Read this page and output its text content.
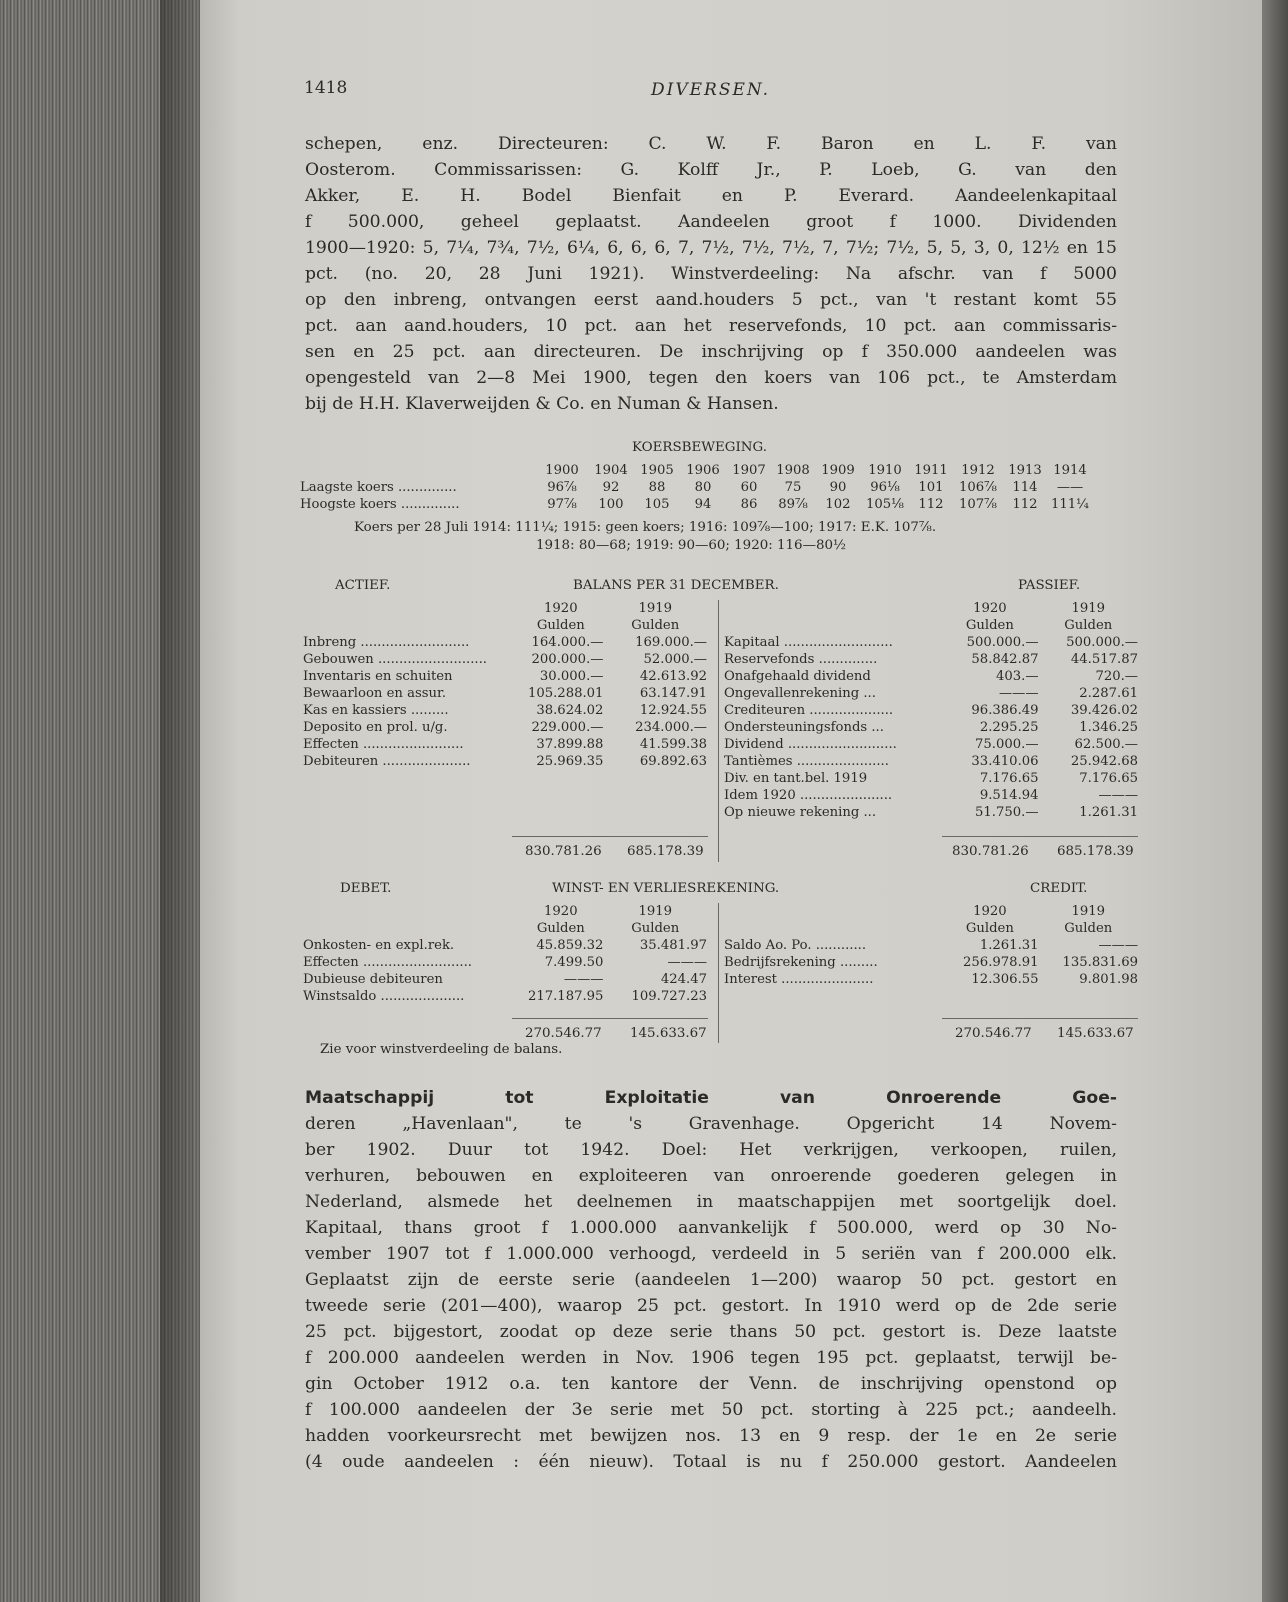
1418	DIVERSEN.
schepen, enz. Directeuren: C. W. F. Baron en L. F. van
Oosterom. Commissarissen: G. Kolff Jr., P. Loeb, G. van den
Akker, E. H. Bodel Bienfait en P. Everard. Aandeelenkapitaal
f 500.000, geheel geplaatst. Aandeelen groot f 1000. Dividenden
1900—1920: 5, 7¼, 7¾, 7½, 6¼, 6, 6, 6, 7, 7½, 7½, 7½, 7, 7½; 7½, 5, 5, 3, 0, 12½ en 15
pct. (no. 20, 28 Juni 1921). Winstverdeeling: Na afschr. van f 5000
op den inbreng, ontvangen eerst aand.houders 5 pct., van 't restant komt 55
pct. aan aand.houders, 10 pct. aan het reservefonds, 10 pct. aan commissaris-
sen en 25 pct. aan directeuren. De inschrijving op f 350.000 aandeelen was
opengesteld van 2—8 Mei 1900, tegen den koers van 106 pct., te Amsterdam
bij de H.H. Klaverweijden & Co. en Numan & Hansen.
KOERSBEWEGING.
	1900	1904	1905	1906	1907	1908	1909	1910	1911	1912	1913	1914
Laagste koers ..............	96⅞	92	88	80	60	75	90	96⅛	101	106⅞	114	——
Hoogste koers ..............	97⅞	100	105	94	86	89⅞	102	105⅛	112	107⅞	112	111¼
Koers per 28 Juli 1914: 111¼; 1915: geen koers; 1916: 109⅞—100; 1917: E.K. 107⅞.
1918: 80—68; 1919: 90—60; 1920: 116—80½
ACTIEF.	BALANS PER 31 DECEMBER.	PASSIEF.
	1920	1919
	Gulden	Gulden
Inbreng ..........................	164.000.—	169.000.—
Gebouwen ..........................	200.000.—	52.000.—
Inventaris en schuiten	30.000.—	42.613.92
Bewaarloon en assur.	105.288.01	63.147.91
Kas en kassiers .........	38.624.02	12.924.55
Deposito en prol. u/g.	229.000.—	234.000.—
Effecten ........................	37.899.88	41.599.38
Debiteuren .....................	25.969.35	69.892.63
	1920	1919
	Gulden	Gulden
Kapitaal ..........................	500.000.—	500.000.—
Reservefonds ..............	58.842.87	44.517.87
Onafgehaald dividend	403.—	720.—
Ongevallenrekening ...	———	2.287.61
Crediteuren ....................	96.386.49	39.426.02
Ondersteuningsfonds ...	2.295.25	1.346.25
Dividend ..........................	75.000.—	62.500.—
Tantièmes ......................	33.410.06	25.942.68
Div. en tant.bel. 1919	7.176.65	7.176.65
Idem 1920 ......................	9.514.94	———
Op nieuwe rekening ...	51.750.—	1.261.31
830.781.26 685.178.39	830.781.26 685.178.39
DEBET.	WINST- EN VERLIESREKENING.	CREDIT.
	1920	1919
	Gulden	Gulden
Onkosten- en expl.rek.	45.859.32	35.481.97
Effecten ..........................	7.499.50	———
Dubieuse debiteuren	———	424.47
Winstsaldo ....................	217.187.95	109.727.23
	1920	1919
	Gulden	Gulden
Saldo Ao. Po. ............	1.261.31	———
Bedrijfsrekening .........	256.978.91	135.831.69
Interest ......................	12.306.55	9.801.98
270.546.77 145.633.67	270.546.77 145.633.67
Zie voor winstverdeeling de balans.
Maatschappij tot Exploitatie van Onroerende Goe-
deren „Havenlaan", te 's Gravenhage. Opgericht 14 Novem-
ber 1902. Duur tot 1942. Doel: Het verkrijgen, verkoopen, ruilen,
verhuren, bebouwen en exploiteeren van onroerende goederen gelegen in
Nederland, alsmede het deelnemen in maatschappijen met soortgelijk doel.
Kapitaal, thans groot f 1.000.000 aanvankelijk f 500.000, werd op 30 No-
vember 1907 tot f 1.000.000 verhoogd, verdeeld in 5 seriën van f 200.000 elk.
Geplaatst zijn de eerste serie (aandeelen 1—200) waarop 50 pct. gestort en
tweede serie (201—400), waarop 25 pct. gestort. In 1910 werd op de 2de serie
25 pct. bijgestort, zoodat op deze serie thans 50 pct. gestort is. Deze laatste
f 200.000 aandeelen werden in Nov. 1906 tegen 195 pct. geplaatst, terwijl be-
gin October 1912 o.a. ten kantore der Venn. de inschrijving openstond op
f 100.000 aandeelen der 3e serie met 50 pct. storting à 225 pct.; aandeelh.
hadden voorkeursrecht met bewijzen nos. 13 en 9 resp. der 1e en 2e serie
(4 oude aandeelen : één nieuw). Totaal is nu f 250.000 gestort. Aandeelen
